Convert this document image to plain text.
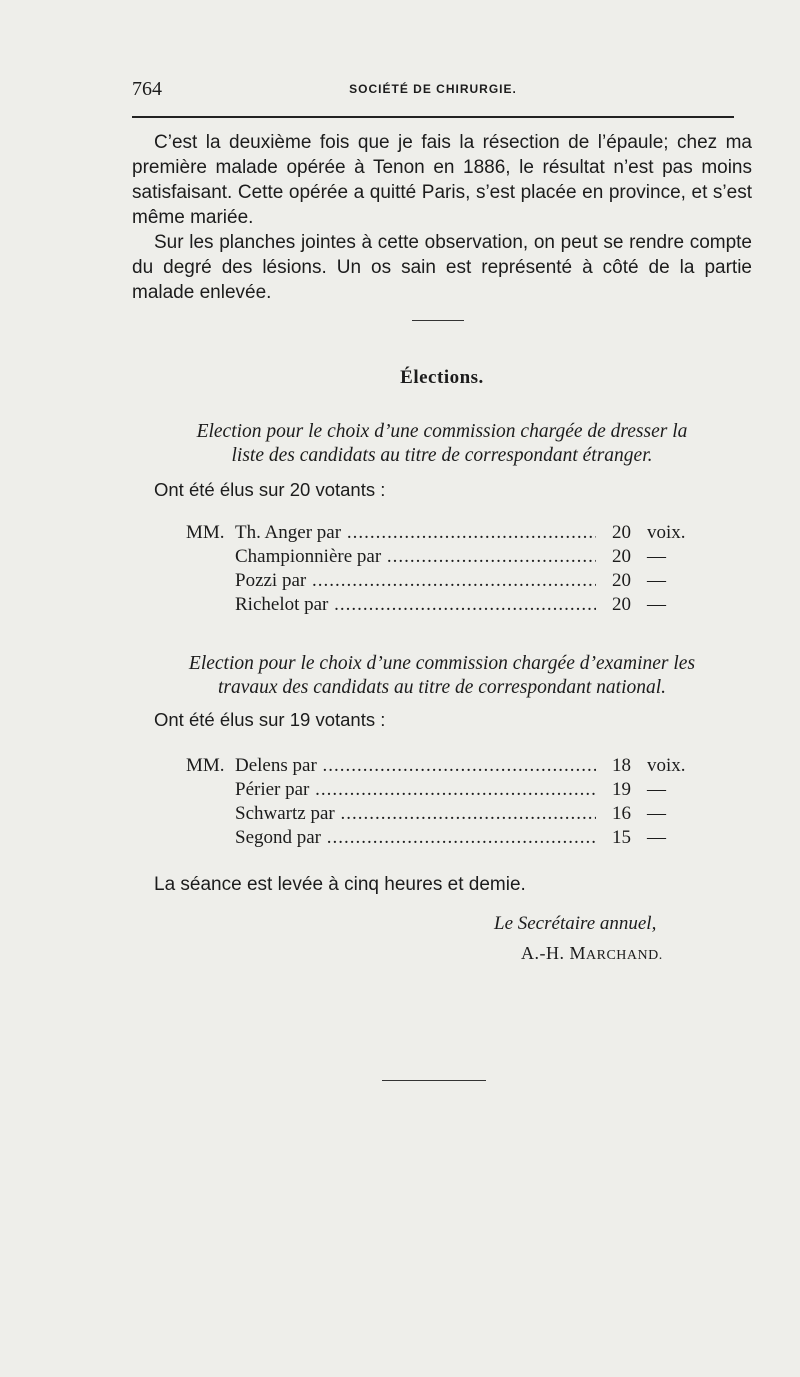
764	SOCIÉTÉ DE CHIRURGIE.

C’est la deuxième fois que je fais la résection de l’épaule; chez ma première malade opérée à Tenon en 1886, le résultat n’est pas moins satisfaisant. Cette opérée a quitté Paris, s’est placée en province, et s’est même mariée.

Sur les planches jointes à cette observation, on peut se rendre compte du degré des lésions. Un os sain est représenté à côté de la partie malade enlevée.

Élections.
Election pour le choix d’une commission chargée de dresser la
liste des candidats au titre de correspondant étranger.
Ont été élus sur 20 votants :
MM. Th. Anger par .....	20 voix.
Championnière par .....	20 —
Pozzi par .....	20 —
Richelot par .....	20 —
Election pour le choix d’une commission chargée d’examiner les
travaux des candidats au titre de correspondant national.
Ont été élus sur 19 votants :
MM. Delens par .....	18 voix.
Périer par .....	19 —
Schwartz par .....	16 —
Segond par .....	15 —
La séance est levée à cinq heures et demie.
Le Secrétaire annuel,
A.-H. MARCHAND.
